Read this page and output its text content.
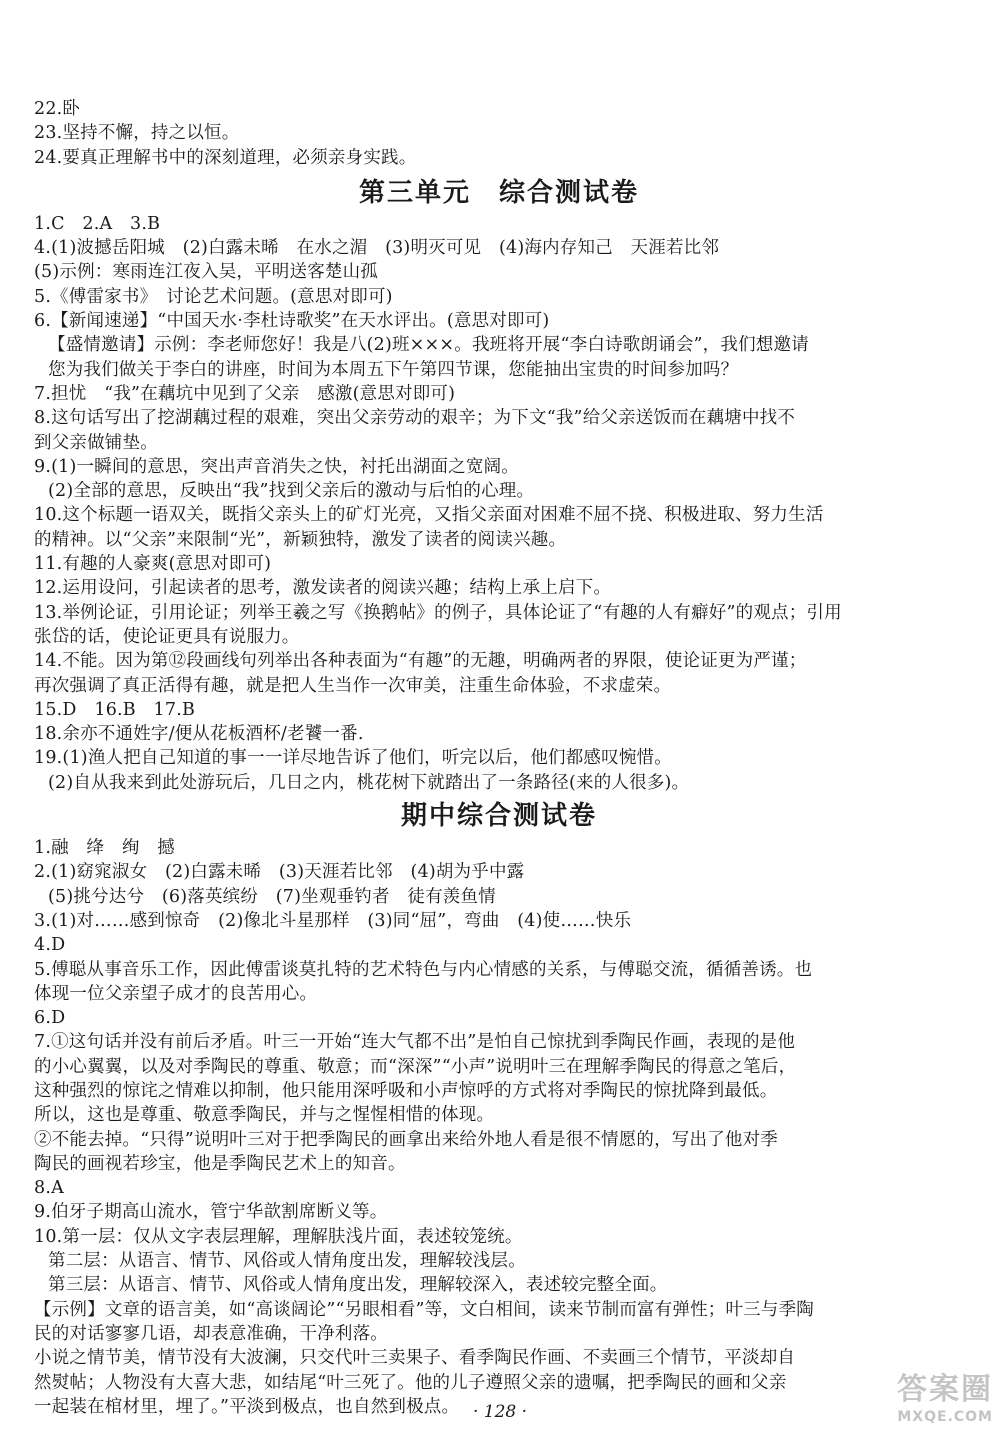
22.卧
23.坚持不懈，持之以恒。
24.要真正理解书中的深刻道理，必须亲身实践。
第三单元　综合测试卷
1.C　2.A　3.B
4.(1)波撼岳阳城　(2)白露未晞　在水之湄　(3)明灭可见　(4)海内存知己　天涯若比邻
(5)示例：寒雨连江夜入吴，平明送客楚山孤
5.《傅雷家书》　讨论艺术问题。(意思对即可)
6.【新闻速递】“中国天水·李杜诗歌奖”在天水评出。(意思对即可)
【盛情邀请】示例：李老师您好！我是八(2)班×××。我班将开展“李白诗歌朗诵会”，我们想邀请
您为我们做关于李白的讲座，时间为本周五下午第四节课，您能抽出宝贵的时间参加吗？
7.担忧　“我”在藕坑中见到了父亲　感激(意思对即可)
8.这句话写出了挖湖藕过程的艰难，突出父亲劳动的艰辛；为下文“我”给父亲送饭而在藕塘中找不
到父亲做铺垫。
9.(1)一瞬间的意思，突出声音消失之快，衬托出湖面之宽阔。
(2)全部的意思，反映出“我”找到父亲后的激动与后怕的心理。
10.这个标题一语双关，既指父亲头上的矿灯光亮，又指父亲面对困难不屈不挠、积极进取、努力生活
的精神。以“父亲”来限制“光”，新颖独特，激发了读者的阅读兴趣。
11.有趣的人豪爽(意思对即可)
12.运用设问，引起读者的思考，激发读者的阅读兴趣；结构上承上启下。
13.举例论证，引用论证；列举王羲之写《换鹅帖》的例子，具体论证了“有趣的人有癖好”的观点；引用
张岱的话，使论证更具有说服力。
14.不能。因为第⑫段画线句列举出各种表面为“有趣”的无趣，明确两者的界限，使论证更为严谨；
再次强调了真正活得有趣，就是把人生当作一次审美，注重生命体验，不求虚荣。
15.D　16.B　17.B
18.余亦不通姓字/便从花板酒杯/老饕一番.
19.(1)渔人把自己知道的事一一详尽地告诉了他们，听完以后，他们都感叹惋惜。
(2)自从我来到此处游玩后，几日之内，桃花树下就踏出了一条路径(来的人很多)。
期中综合测试卷
1.融　绛　绚　撼
2.(1)窈窕淑女　(2)白露未晞　(3)天涯若比邻　(4)胡为乎中露
(5)挑兮达兮　(6)落英缤纷　(7)坐观垂钓者　徒有羡鱼情
3.(1)对……感到惊奇　(2)像北斗星那样　(3)同“屈”，弯曲　(4)使……快乐
4.D
5.傅聪从事音乐工作，因此傅雷谈莫扎特的艺术特色与内心情感的关系，与傅聪交流，循循善诱。也
体现一位父亲望子成才的良苦用心。
6.D
7.①这句话并没有前后矛盾。叶三一开始“连大气都不出”是怕自己惊扰到季陶民作画，表现的是他
的小心翼翼，以及对季陶民的尊重、敬意；而“深深”“小声”说明叶三在理解季陶民的得意之笔后，
这种强烈的惊诧之情难以抑制，他只能用深呼吸和小声惊呼的方式将对季陶民的惊扰降到最低。
所以，这也是尊重、敬意季陶民，并与之惺惺相惜的体现。
②不能去掉。“只得”说明叶三对于把季陶民的画拿出来给外地人看是很不情愿的，写出了他对季
陶民的画视若珍宝，他是季陶民艺术上的知音。
8.A
9.伯牙子期高山流水，管宁华歆割席断义等。
10.第一层：仅从文字表层理解，理解肤浅片面，表述较笼统。
第二层：从语言、情节、风俗或人情角度出发，理解较浅层。
第三层：从语言、情节、风俗或人情角度出发，理解较深入，表述较完整全面。
【示例】文章的语言美，如“高谈阔论”“另眼相看”等，文白相间，读来节制而富有弹性；叶三与季陶
民的对话寥寥几语，却表意准确，干净利落。
小说之情节美，情节没有大波澜，只交代叶三卖果子、看季陶民作画、不卖画三个情节，平淡却自
然熨帖；人物没有大喜大悲，如结尾“叶三死了。他的儿子遵照父亲的遗嘱，把季陶民的画和父亲
一起装在棺材里，埋了。”平淡到极点，也自然到极点。 · 128 ·
答案圈
MXQE.COM
